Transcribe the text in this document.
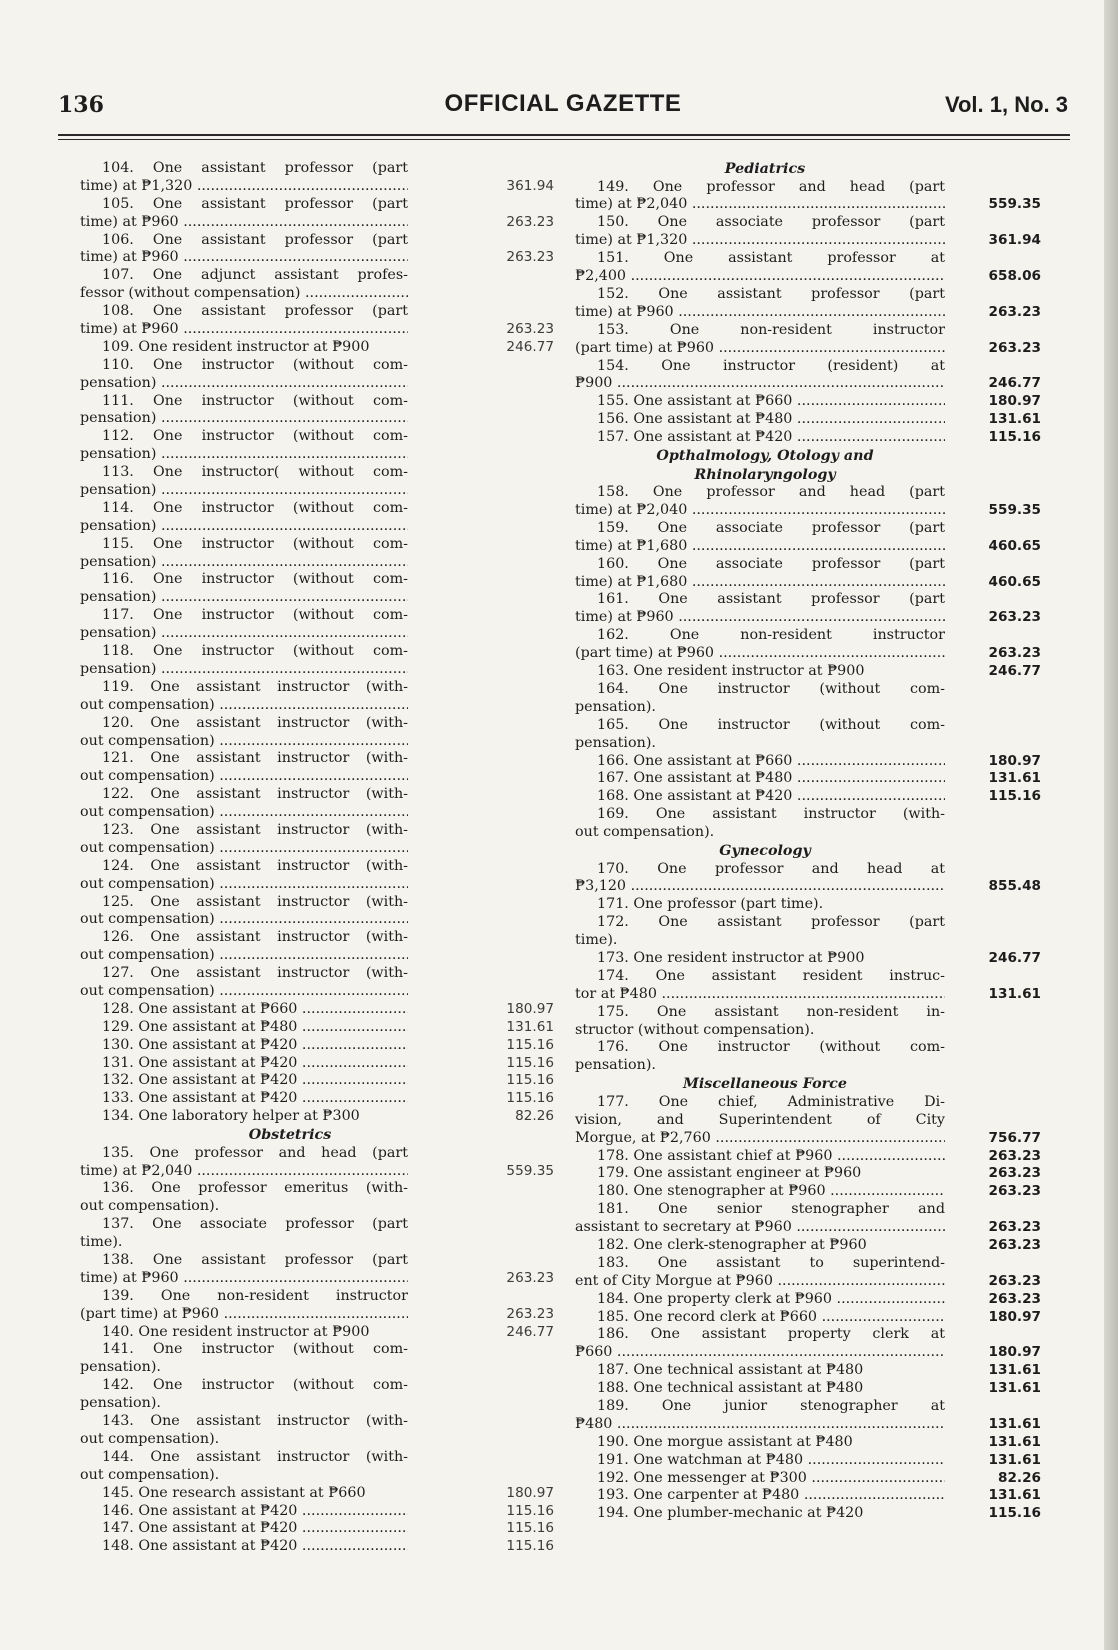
136	OFFICIAL GAZETTE	Vol. 1, No. 3
104. One assistant professor (part
time) at ₱1,320 .....	361.94
105. One assistant professor (part
time) at ₱960 .....	263.23
106. One assistant professor (part
time) at ₱960 .....	263.23
107. One adjunct assistant profes-
fessor (without compensation) .....
108. One assistant professor (part
time) at ₱960 .....	263.23
109. One resident instructor at ₱900	246.77
110. One instructor (without com-
pensation) .....
111. One instructor (without com-
pensation) .....
112. One instructor (without com-
pensation) .....
113. One instructor( without com-
pensation) .....
114. One instructor (without com-
pensation) .....
115. One instructor (without com-
pensation) .....
116. One instructor (without com-
pensation) .....
117. One instructor (without com-
pensation) .....
118. One instructor (without com-
pensation) .....
119. One assistant instructor (with-
out compensation) .....
120. One assistant instructor (with-
out compensation) .....
121. One assistant instructor (with-
out compensation) .....
122. One assistant instructor (with-
out compensation) .....
123. One assistant instructor (with-
out compensation) .....
124. One assistant instructor (with-
out compensation) .....
125. One assistant instructor (with-
out compensation) .....
126. One assistant instructor (with-
out compensation) .....
127. One assistant instructor (with-
out compensation) .....
128. One assistant at ₱660 .....	180.97
129. One assistant at ₱480 .....	131.61
130. One assistant at ₱420 .....	115.16
131. One assistant at ₱420 .....	115.16
132. One assistant at ₱420 .....	115.16
133. One assistant at ₱420 .....	115.16
134. One laboratory helper at ₱300	82.26
Obstetrics
135. One professor and head (part
time) at ₱2,040 .....	559.35
136. One professor emeritus (with-
out compensation).
137. One associate professor (part
time).
138. One assistant professor (part
time) at ₱960 .....	263.23
139. One non-resident instructor
(part time) at ₱960 .....	263.23
140. One resident instructor at ₱900	246.77
141. One instructor (without com-
pensation).
142. One instructor (without com-
pensation).
143. One assistant instructor (with-
out compensation).
144. One assistant instructor (with-
out compensation).
145. One research assistant at ₱660	180.97
146. One assistant at ₱420 .....	115.16
147. One assistant at ₱420 .....	115.16
148. One assistant at ₱420 .....	115.16
Pediatrics
149. One professor and head (part
time) at ₱2,040 .....	559.35
150. One associate professor (part
time) at ₱1,320 .....	361.94
151. One assistant professor at
₱2,400 .....	658.06
152. One assistant professor (part
time) at ₱960 .....	263.23
153. One non-resident instructor
(part time) at ₱960 .....	263.23
154. One instructor (resident) at
₱900 .....	246.77
155. One assistant at ₱660 .....	180.97
156. One assistant at ₱480 .....	131.61
157. One assistant at ₱420 .....	115.16
Opthalmology, Otology and
Rhinolaryngology
158. One professor and head (part
time) at ₱2,040 .....	559.35
159. One associate professor (part
time) at ₱1,680 .....	460.65
160. One associate professor (part
time) at ₱1,680 .....	460.65
161. One assistant professor (part
time) at ₱960 .....	263.23
162. One non-resident instructor
(part time) at ₱960 .....	263.23
163. One resident instructor at ₱900	246.77
164. One instructor (without com-
pensation).
165. One instructor (without com-
pensation).
166. One assistant at ₱660 .....	180.97
167. One assistant at ₱480 .....	131.61
168. One assistant at ₱420 .....	115.16
169. One assistant instructor (with-
out compensation).
Gynecology
170. One professor and head at
₱3,120 .....	855.48
171. One professor (part time).
172. One assistant professor (part
time).
173. One resident instructor at ₱900	246.77
174. One assistant resident instruc-
tor at ₱480 .....	131.61
175. One assistant non-resident in-
structor (without compensation).
176. One instructor (without com-
pensation).
Miscellaneous Force
177. One chief, Administrative Di-
vision, and Superintendent of City
Morgue, at ₱2,760 .....	756.77
178. One assistant chief at ₱960 .....	263.23
179. One assistant engineer at ₱960	263.23
180. One stenographer at ₱960 .....	263.23
181. One senior stenographer and
assistant to secretary at ₱960 .....	263.23
182. One clerk-stenographer at ₱960	263.23
183. One assistant to superintend-
ent of City Morgue at ₱960 .....	263.23
184. One property clerk at ₱960 .....	263.23
185. One record clerk at ₱660 .....	180.97
186. One assistant property clerk at
₱660 .....	180.97
187. One technical assistant at ₱480	131.61
188. One technical assistant at ₱480	131.61
189. One junior stenographer at
₱480 .....	131.61
190. One morgue assistant at ₱480	131.61
191. One watchman at ₱480 .....	131.61
192. One messenger at ₱300 .....	82.26
193. One carpenter at ₱480 .....	131.61
194. One plumber-mechanic at ₱420	115.16
